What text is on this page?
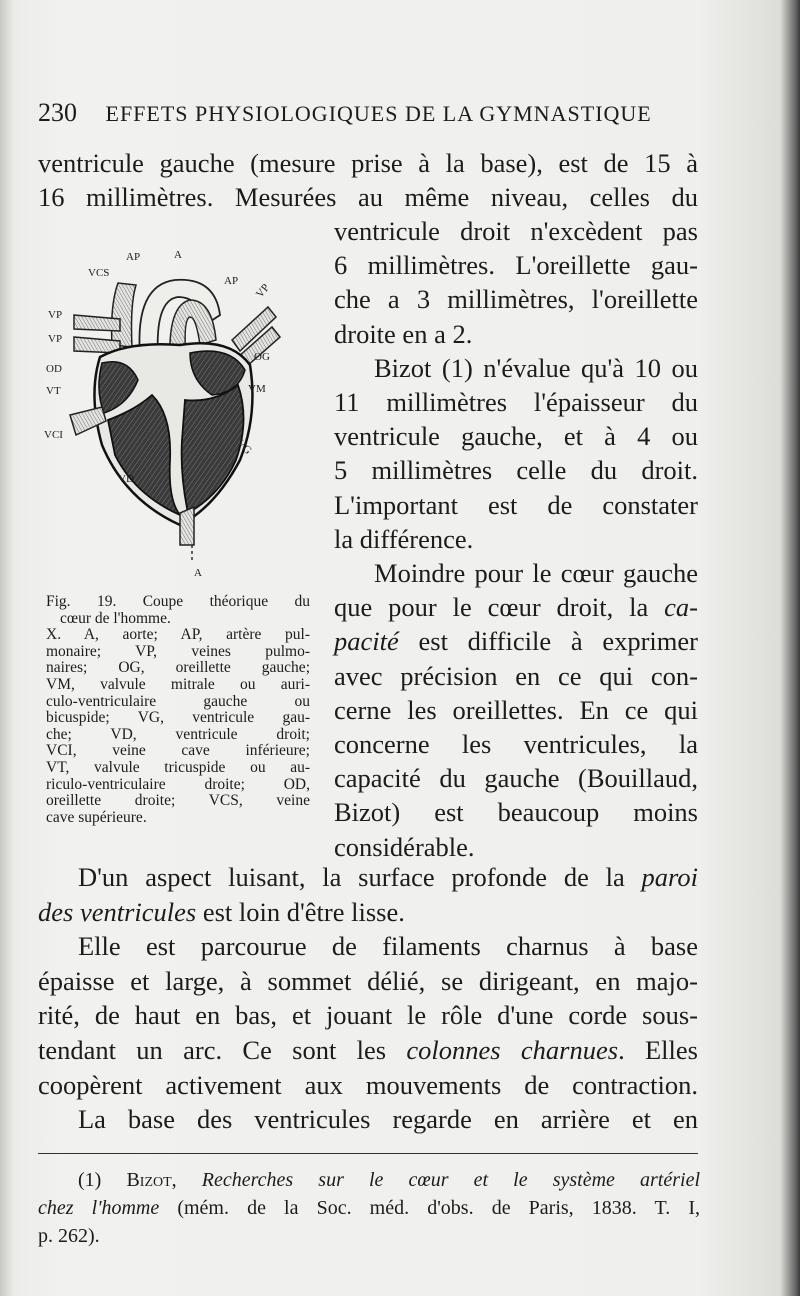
230 EFFETS PHYSIOLOGIQUES DE LA GYMNASTIQUE
ventricule gauche (mesure prise à la base), est de 15 à
16 millimètres. Mesurées au même niveau, celles du
ventricule droit n'excèdent pas
6 millimètres. L'oreillette gau-
che a 3 millimètres, l'oreillette
droite en a 2.
Bizot (1) n'évalue qu'à 10 ou
11 millimètres l'épaisseur du
ventricule gauche, et à 4 ou
5 millimètres celle du droit.
L'important est de constater
la différence.
Moindre pour le cœur gauche
que pour le cœur droit, la ca-
pacité est difficile à exprimer
avec précision en ce qui con-
cerne les oreillettes. En ce qui
concerne les ventricules, la
capacité du gauche (Bouillaud,
Bizot) est beaucoup moins
considérable.
AP	A
VCS
AP
VP
VP
VP
OD
VT
OG
VM
VCI
VG
VD
A
Fig. 19. Coupe théorique du
cœur de l'homme.
X. A, aorte; AP, artère pul-
monaire; VP, veines pulmo-
naires; OG, oreillette gauche;
VM, valvule mitrale ou auri-
culo-ventriculaire gauche ou
bicuspide; VG, ventricule gau-
che; VD, ventricule droit;
VCI, veine cave inférieure;
VT, valvule tricuspide ou au-
riculo-ventriculaire droite; OD,
oreillette droite; VCS, veine
cave supérieure.
D'un aspect luisant, la surface profonde de la paroi
des ventricules est loin d'être lisse.
Elle est parcourue de filaments charnus à base
épaisse et large, à sommet délié, se dirigeant, en majo-
rité, de haut en bas, et jouant le rôle d'une corde sous-
tendant un arc. Ce sont les colonnes charnues. Elles
coopèrent activement aux mouvements de contraction.
La base des ventricules regarde en arrière et en
(1) Bizot, Recherches sur le cœur et le système artériel
chez l'homme (mém. de la Soc. méd. d'obs. de Paris, 1838. T. I,
p. 262).
